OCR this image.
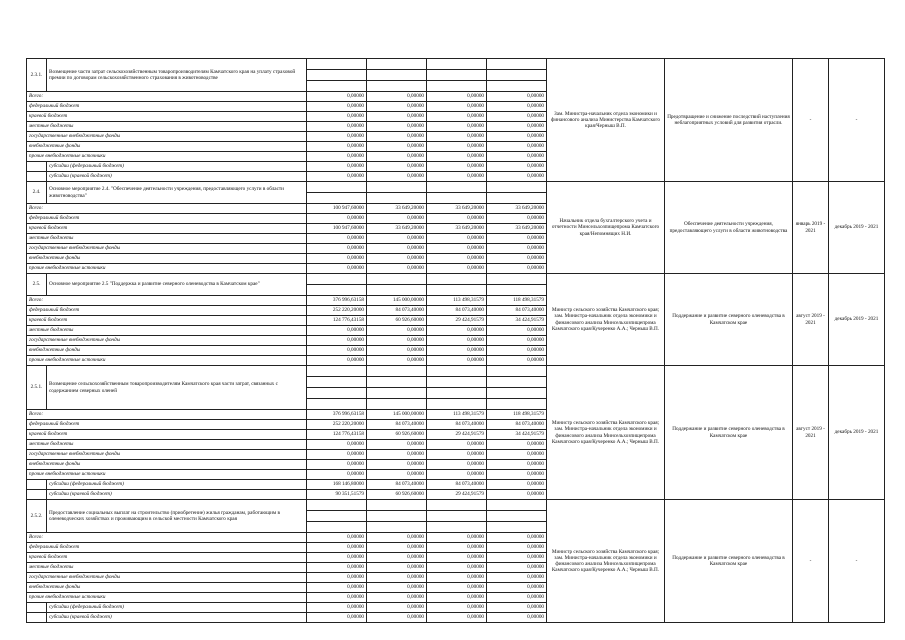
2.3.1.	Возмещение части затрат сельскохозяйственным товаропроизводителям Камчатского края на уплату страховой премии по договорам сельскохозяйственного страхования в животноводстве					Зам. Министра-начальник отдела экономики и финансового анализа Министерства Камчатского края/Черныш В.П.	Предотвращение и снижение последствий наступления неблагоприятных условий для развития отрасли.	-	-

Всего:		0,00000	0,00000	0,00000	0,00000				
федеральный бюджет		0,00000	0,00000	0,00000	0,00000				
краевой бюджет		0,00000	0,00000	0,00000	0,00000				
местные бюджеты		0,00000	0,00000	0,00000	0,00000				
государственные внебюджетные фонды		0,00000	0,00000	0,00000	0,00000				
внебюджетные фонды		0,00000	0,00000	0,00000	0,00000				
прочие внебюджетные источники		0,00000	0,00000	0,00000	0,00000				
	субсидии (федеральный бюджет)	0,00000	0,00000	0,00000	0,00000				
	субсидии (краевой бюджет)	0,00000	0,00000	0,00000	0,00000				
2.4.	Основное мероприятие 2.4. "Обеспечение деятельности учреждения, предоставляющего услуги в области животноводства"					Начальник отдела бухгалтерского учета и отчетности Минсельхозпищепрома Камчатского края/Непомнящих Н.И.	Обеспечение деятельности учреждения, предоставляющего услуги в области животноводства	январь 2019 - 2021	декабрь 2019 - 2021

Всего:		100 947,60000	33 649,20000	33 649,20000	33 649,20000				
федеральный бюджет		0,00000	0,00000	0,00000	0,00000				
краевой бюджет		100 947,60000	33 649,20000	33 649,20000	33 649,20000				
местные бюджеты		0,00000	0,00000	0,00000	0,00000				
государственные внебюджетные фонды		0,00000	0,00000	0,00000	0,00000				
внебюджетные фонды		0,00000	0,00000	0,00000	0,00000				
прочие внебюджетные источники		0,00000	0,00000	0,00000	0,00000				
2.5.	Основное мероприятие 2.5 "Поддержка и развитие северного оленеводства в Камчатском крае"					Министр сельского хозяйства Камчатского края; зам. Министра-начальник отдела экономики и финансового анализа Минсельхозпищепрома Камчатского края/Кучеренко А.А.; Черныш В.П.	Поддержание и развитие северного оленеводства в Камчатском крае	август 2019 - 2021	декабрь 2019 - 2021

Всего:		376 996,63158	145 000,00000	113 498,31579	118 498,31579				
федеральный бюджет		252 220,20000	84 073,40000	84 073,40000	84 073,40000				
краевой бюджет		124 776,43158	60 926,60000	29 424,91579	34 424,91579				
местные бюджеты		0,00000	0,00000	0,00000	0,00000				
государственные внебюджетные фонды		0,00000	0,00000	0,00000	0,00000				
внебюджетные фонды		0,00000	0,00000	0,00000	0,00000				
прочие внебюджетные источники		0,00000	0,00000	0,00000	0,00000				
2.5.1.	Возмещение сельскохозяйственным товаропроизводителям Камчатского края части затрат, связанных с содержанием северных оленей					Министр сельского хозяйства Камчатского края; зам. Министра-начальник отдела экономики и финансового анализа Минсельхозпищепрома Камчатского края/Кучеренко А.А.; Черныш В.П.	Поддержание и развитие северного оленеводства в Камчатском крае	август 2019 - 2021	декабрь 2019 - 2021

Всего:		376 996,63158	145 000,00000	113 498,31579	118 498,31579				
федеральный бюджет		252 220,20000	84 073,40000	84 073,40000	84 073,40000				
краевой бюджет		124 776,43158	60 926,60000	29 424,91579	34 424,91579				
местные бюджеты		0,00000	0,00000	0,00000	0,00000				
государственные внебюджетные фонды		0,00000	0,00000	0,00000	0,00000				
внебюджетные фонды		0,00000	0,00000	0,00000	0,00000				
прочие внебюджетные источники		0,00000	0,00000	0,00000	0,00000				
	субсидии (федеральный бюджет)	168 146,80000	84 073,40000	84 073,40000	0,00000				
	субсидии (краевой бюджет)	90 351,51579	60 926,60000	29 424,91579	0,00000				
2.5.2.	Предоставление социальных выплат на строительство (приобретение) жилья гражданам, работающим в оленеводческих хозяйствах и проживающим в сельской местности Камчатского края					Министр сельского хозяйства Камчатского края; зам. Министра-начальник отдела экономики и финансового анализа Минсельхозпищепрома Камчатского края/Кучеренко А.А.; Черныш В.П.	Поддержание и развитие северного оленеводства в Камчатском крае	-	-

Всего:		0,00000	0,00000	0,00000	0,00000				
федеральный бюджет		0,00000	0,00000	0,00000	0,00000				
краевой бюджет		0,00000	0,00000	0,00000	0,00000				
местные бюджеты		0,00000	0,00000	0,00000	0,00000				
государственные внебюджетные фонды		0,00000	0,00000	0,00000	0,00000				
внебюджетные фонды		0,00000	0,00000	0,00000	0,00000				
прочие внебюджетные источники		0,00000	0,00000	0,00000	0,00000				
	субсидии (федеральный бюджет)	0,00000	0,00000	0,00000	0,00000				
	субсидии (краевой бюджет)	0,00000	0,00000	0,00000	0,00000				
